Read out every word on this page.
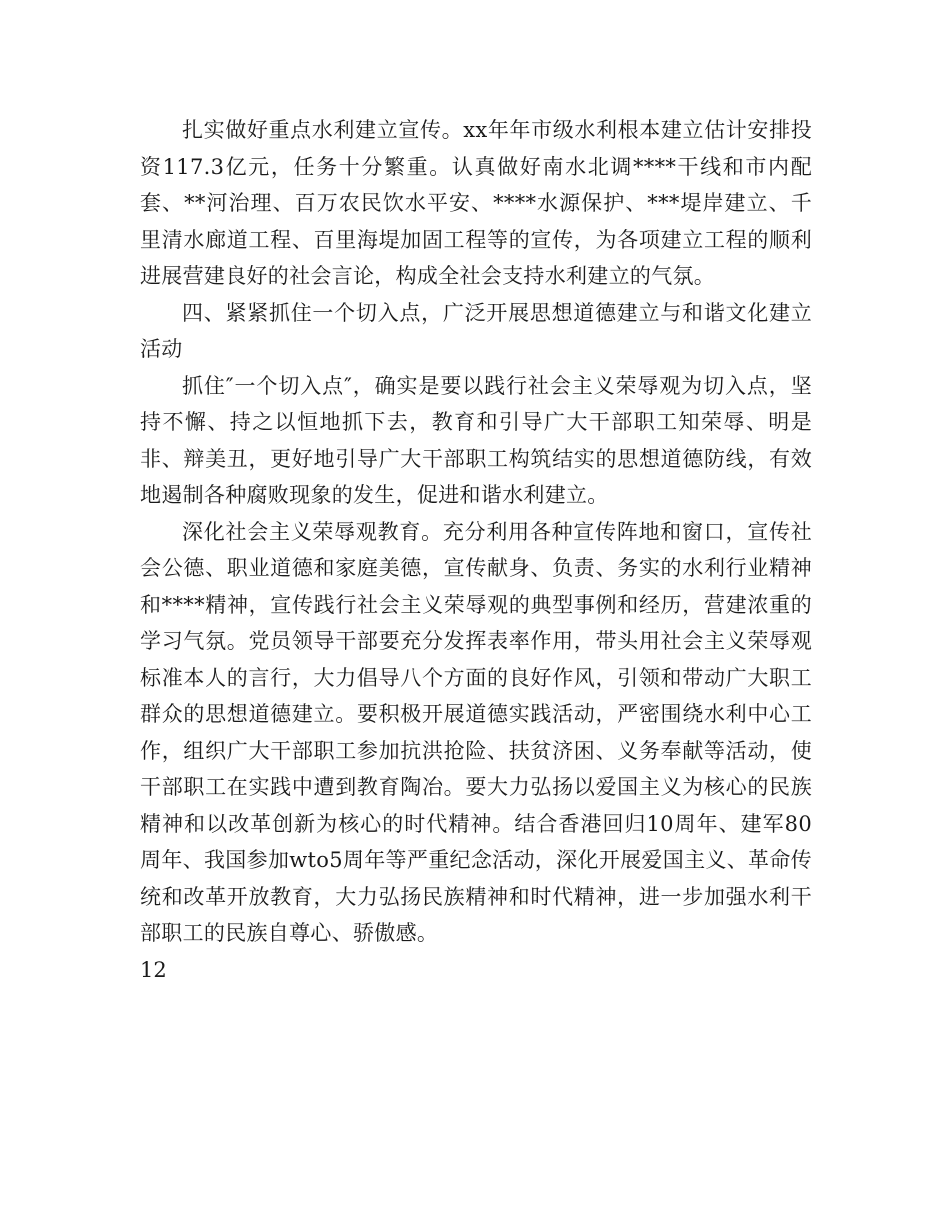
扎实做好重点水利建立宣传。xx年年市级水利根本建立估计安排投资117.3亿元，任务十分繁重。认真做好南水北调****干线和市内配套、**河治理、百万农民饮水平安、****水源保护、***堤岸建立、千里清水廊道工程、百里海堤加固工程等的宣传，为各项建立工程的顺利进展营建良好的社会言论，构成全社会支持水利建立的气氛。

四、紧紧抓住一个切入点，广泛开展思想道德建立与和谐文化建立活动

抓住″一个切入点″，确实是要以践行社会主义荣辱观为切入点，坚持不懈、持之以恒地抓下去，教育和引导广大干部职工知荣辱、明是非、辩美丑，更好地引导广大干部职工构筑结实的思想道德防线，有效地遏制各种腐败现象的发生，促进和谐水利建立。

深化社会主义荣辱观教育。充分利用各种宣传阵地和窗口，宣传社会公德、职业道德和家庭美德，宣传献身、负责、务实的水利行业精神和****精神，宣传践行社会主义荣辱观的典型事例和经历，营建浓重的学习气氛。党员领导干部要充分发挥表率作用，带头用社会主义荣辱观标准本人的言行，大力倡导八个方面的良好作风，引领和带动广大职工群众的思想道德建立。要积极开展道德实践活动，严密围绕水利中心工作，组织广大干部职工参加抗洪抢险、扶贫济困、义务奉献等活动，使干部职工在实践中遭到教育陶冶。要大力弘扬以爱国主义为核心的民族精神和以改革创新为核心的时代精神。结合香港回归10周年、建军80周年、我国参加wto5周年等严重纪念活动，深化开展爱国主义、革命传统和改革开放教育，大力弘扬民族精神和时代精神，进一步加强水利干部职工的民族自尊心、骄傲感。

12
